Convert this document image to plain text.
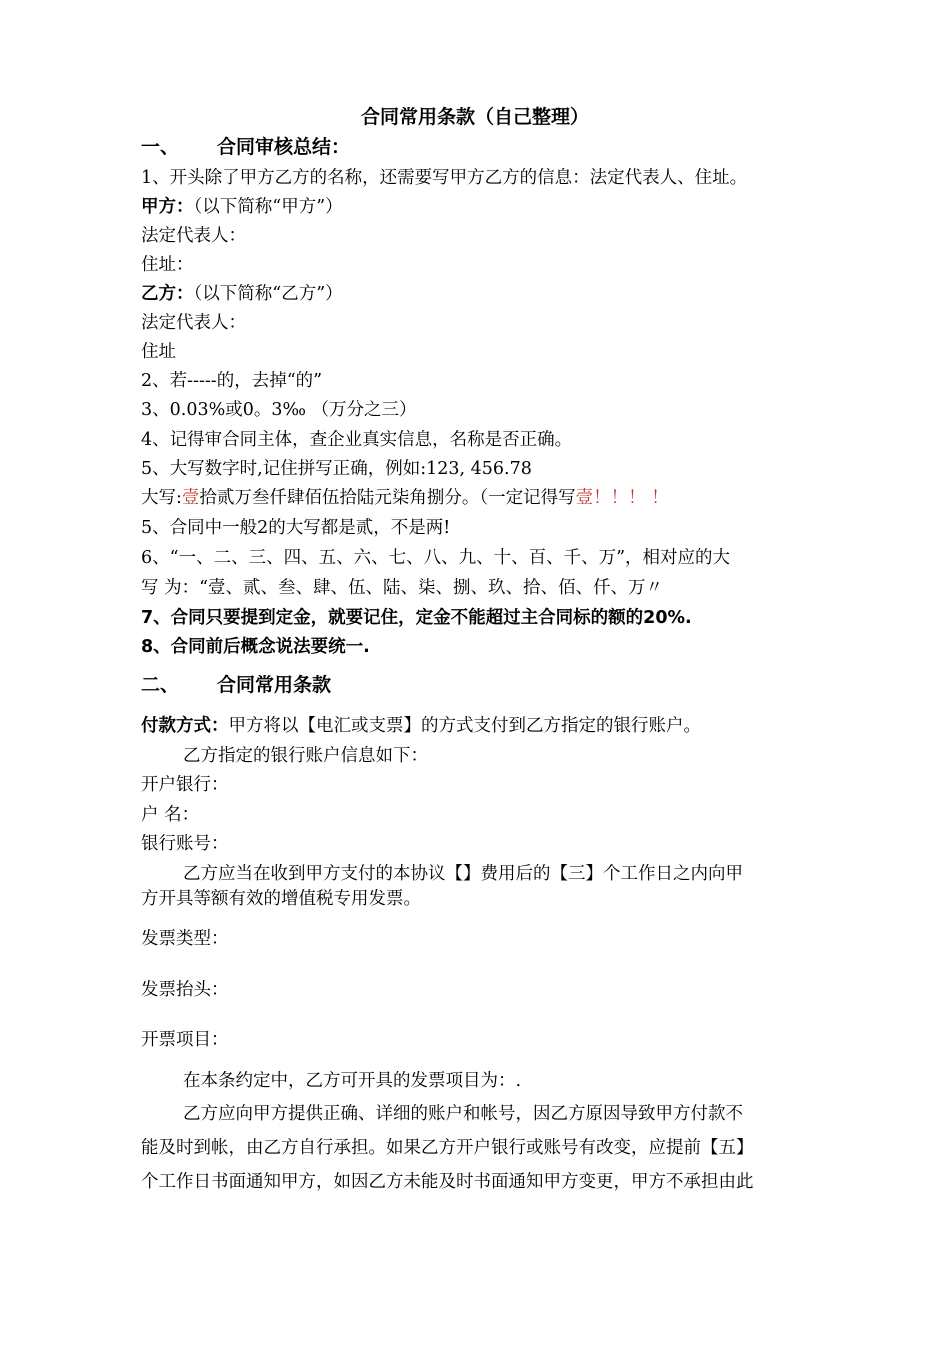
合同常用条款（自己整理）
一、 合同审核总结：
1、开头除了甲方乙方的名称，还需要写甲方乙方的信息：法定代表人、住址。
甲方：（以下简称“甲方”）
法定代表人：
住址：
乙方：（以下简称“乙方”）
法定代表人：
住址
2、若-----的，去掉“的”
3、0.03%或0。3‰ （万分之三）
4、记得审合同主体，查企业真实信息，名称是否正确。
5、大写数字时,记住拼写正确，例如:123, 456.78
大写:壹拾贰万叁仟肆佰伍拾陆元柒角捌分。（一定记得写壹！！！ ！
5、合同中一般2的大写都是贰，不是两!
6、“一、二、三、四、五、六、七、八、九、十、百、千、万”，相对应的大
写 为：“壹、贰、叁、肆、伍、陆、柒、捌、玖、拾、佰、仟、万〃
7、合同只要提到定金，就要记住，定金不能超过主合同标的额的20%.
8、合同前后概念说法要统一.
二、 合同常用条款
付款方式：甲方将以【电汇或支票】的方式支付到乙方指定的银行账户。
乙方指定的银行账户信息如下：
开户银行：
户 名：
银行账号：
乙方应当在收到甲方支付的本协议【】费用后的【三】个工作日之内向甲
方开具等额有效的增值税专用发票。
发票类型：
发票抬头：
开票项目：
在本条约定中，乙方可开具的发票项目为：.
乙方应向甲方提供正确、详细的账户和帐号，因乙方原因导致甲方付款不
能及时到帐，由乙方自行承担。如果乙方开户银行或账号有改变，应提前【五】
个工作日书面通知甲方，如因乙方未能及时书面通知甲方变更，甲方不承担由此
